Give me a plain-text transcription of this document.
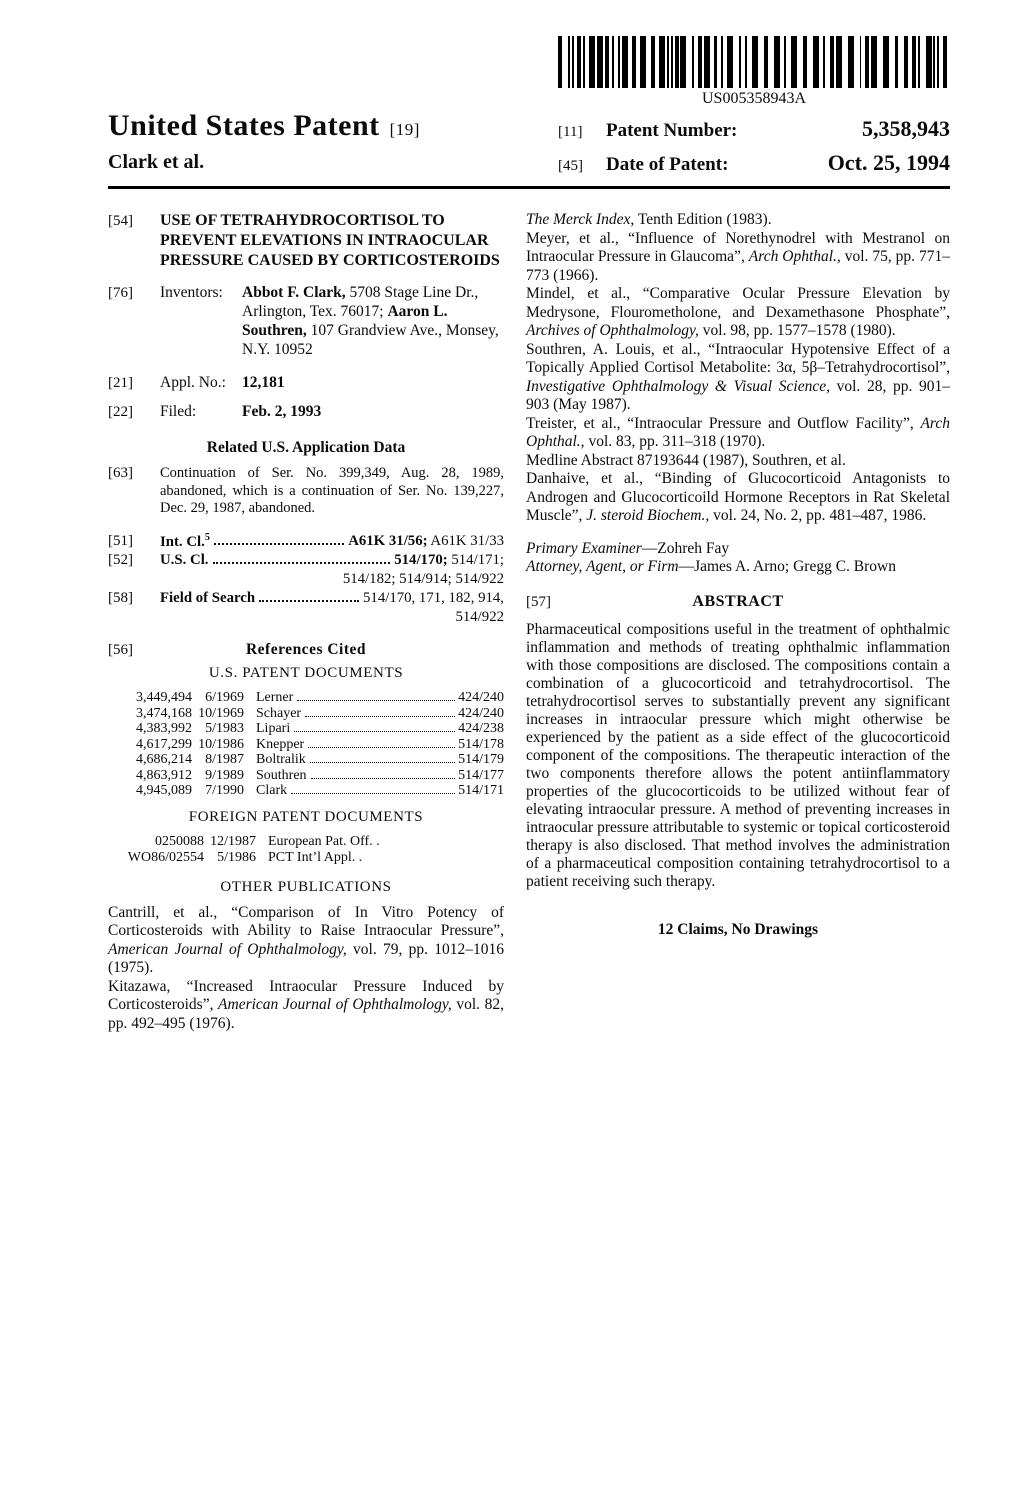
United States Patent [19]
Clark et al.
US005358943A
[11]	Patent Number:	5,358,943
[45]	Date of Patent:	Oct. 25, 1994
[54]	USE OF TETRAHYDROCORTISOL TO PREVENT ELEVATIONS IN INTRAOCULAR PRESSURE CAUSED BY CORTICOSTEROIDS
[76]	Inventors:	Abbot F. Clark, 5708 Stage Line Dr., Arlington, Tex. 76017; Aaron L. Southren, 107 Grandview Ave., Monsey, N.Y. 10952
[21]	Appl. No.:	12,181
[22]	Filed:	Feb. 2, 1993
Related U.S. Application Data
[63]	Continuation of Ser. No. 399,349, Aug. 28, 1989, abandoned, which is a continuation of Ser. No. 139,227, Dec. 29, 1987, abandoned.
[51]	Int. Cl.$^5$	A61K 31/56; A61K 31/33
[52]	U.S. Cl.	514/170; 514/171;
514/182; 514/914; 514/922
[58]	Field of Search	514/170, 171, 182, 914,
514/922
[56]	References Cited
U.S. PATENT DOCUMENTS
3,449,494 6/1969 Lerner	424/240
3,474,168 10/1969 Schayer	424/240
4,383,992 5/1983 Lipari	424/238
4,617,299 10/1986 Knepper	514/178
4,686,214 8/1987 Boltralik	514/179
4,863,912 9/1989 Southren	514/177
4,945,089 7/1990 Clark	514/171
FOREIGN PATENT DOCUMENTS
0250088 12/1987 European Pat. Off. .
WO86/02554 5/1986 PCT Int’l Appl. .
OTHER PUBLICATIONS

Cantrill, et al., “Comparison of In Vitro Potency of Corticosteroids with Ability to Raise Intraocular Pressure”, American Journal of Ophthalmology, vol. 79, pp. 1012–1016 (1975).

Kitazawa, “Increased Intraocular Pressure Induced by Corticosteroids”, American Journal of Ophthalmology, vol. 82, pp. 492–495 (1976).

The Merck Index, Tenth Edition (1983).

Meyer, et al., “Influence of Norethynodrel with Mestranol on Intraocular Pressure in Glaucoma”, Arch Ophthal., vol. 75, pp. 771–773 (1966).

Mindel, et al., “Comparative Ocular Pressure Elevation by Medrysone, Flourometholone, and Dexamethasone Phosphate”, Archives of Ophthalmology, vol. 98, pp. 1577–1578 (1980).

Southren, A. Louis, et al., “Intraocular Hypotensive Effect of a Topically Applied Cortisol Metabolite: 3α, 5β–Tetrahydrocortisol”, Investigative Ophthalmology & Visual Science, vol. 28, pp. 901–903 (May 1987).

Treister, et al., “Intraocular Pressure and Outflow Facility”, Arch Ophthal., vol. 83, pp. 311–318 (1970).

Medline Abstract 87193644 (1987), Southren, et al.

Danhaive, et al., “Binding of Glucocorticoid Antagonists to Androgen and Glucocorticoild Hormone Receptors in Rat Skeletal Muscle”, J. steroid Biochem., vol. 24, No. 2, pp. 481–487, 1986.

Primary Examiner—Zohreh Fay

Attorney, Agent, or Firm—James A. Arno; Gregg C. Brown

[57]	ABSTRACT

Pharmaceutical compositions useful in the treatment of ophthalmic inflammation and methods of treating ophthalmic inflammation with those compositions are disclosed. The compositions contain a combination of a glucocorticoid and tetrahydrocortisol. The tetrahydrocortisol serves to substantially prevent any significant increases in intraocular pressure which might otherwise be experienced by the patient as a side effect of the glucocorticoid component of the compositions. The therapeutic interaction of the two components therefore allows the potent antiinflammatory properties of the glucocorticoids to be utilized without fear of elevating intraocular pressure. A method of preventing increases in intraocular pressure attributable to systemic or topical corticosteroid therapy is also disclosed. That method involves the administration of a pharmaceutical composition containing tetrahydrocortisol to a patient receiving such therapy.

12 Claims, No Drawings
